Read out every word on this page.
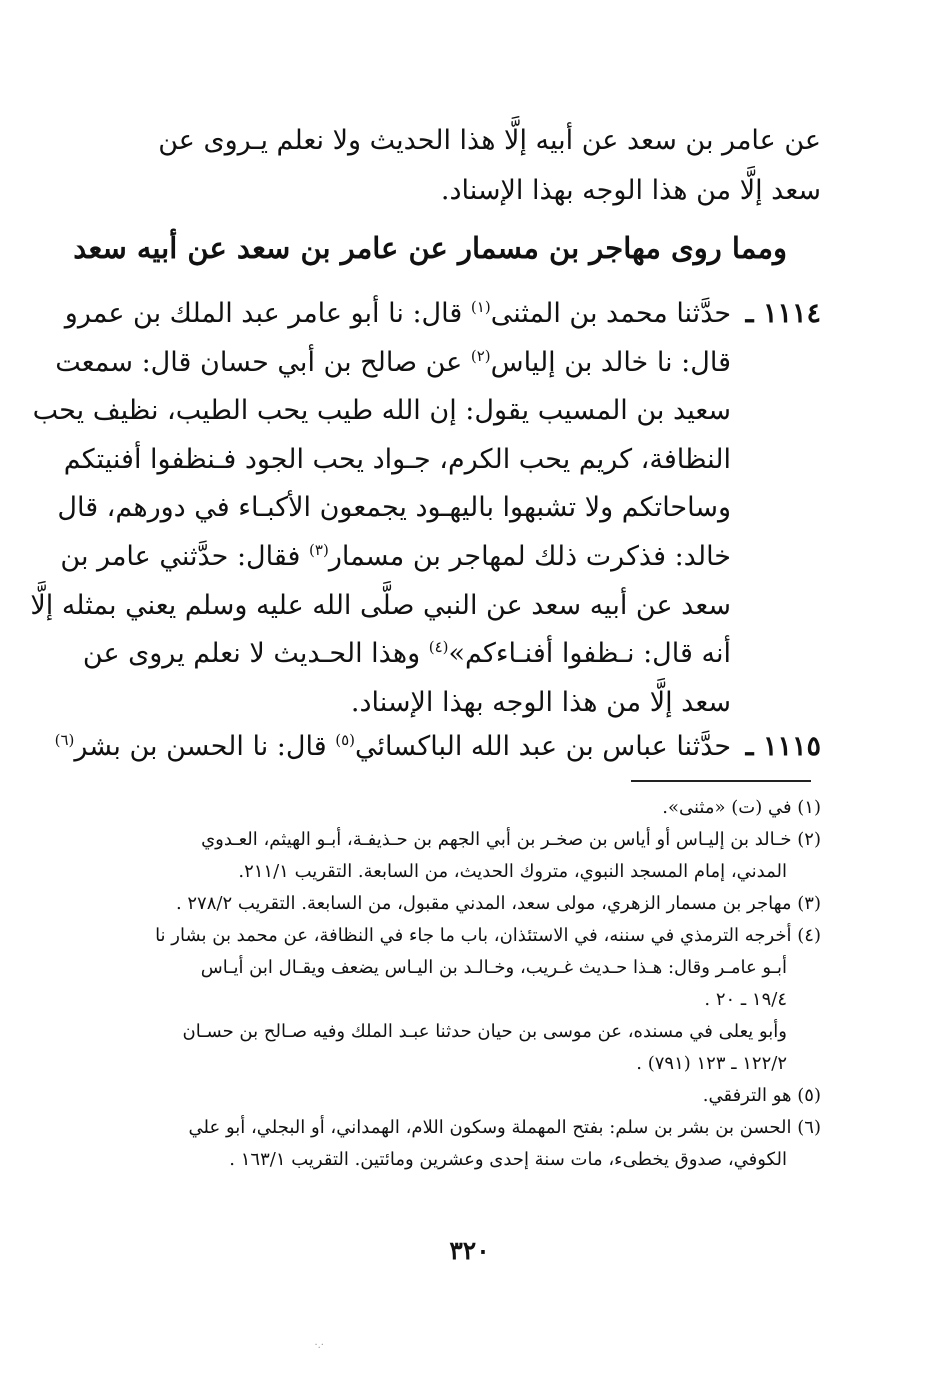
عن عامر بن سعد عن أبيه إلَّا هذا الحديث ولا نعلم يـروى عن
سعد إلَّا من هذا الوجه بهذا الإسناد.
ومما روى مهاجر بن مسمار عن عامر بن سعد عن أبيه سعد
١١١٤ ـ حدَّثنا محمد بن المثنى$^{(١)}$ قال: نا أبو عامر عبد الملك بن عمرو
قال: نا خالد بن إلياس$^{(٢)}$ عن صالح بن أبي حسان قال: سمعت
سعيد بن المسيب يقول: إن الله طيب يحب الطيب، نظيف يحب
النظافة، كريم يحب الكرم، جـواد يحب الجود فـنظفوا أفنيتكم
وساحاتكم ولا تشبهوا باليهـود يجمعون الأكبـاء في دورهم، قال
خالد: فذكرت ذلك لمهاجر بن مسمار$^{(٣)}$ فقال: حدَّثني عامر بن
سعد عن أبيه سعد عن النبي صلَّى الله عليه وسلم يعني بمثله إلَّا
أنه قال: نـظفوا أفنـاءكم»$^{(٤)}$ وهذا الحـديث لا نعلم يروى عن
سعد إلَّا من هذا الوجه بهذا الإسناد.
١١١٥ ـ حدَّثنا عباس بن عبد الله الباكسائي$^{(٥)}$ قال: نا الحسن بن بشر$^{(٦)}$
(١) في (ت) «مثنى».
(٢) خـالد بن إليـاس أو أياس بن صخـر بن أبي الجهم بن حـذيفـة، أبـو الهيثم، العـدوي
المدني، إمام المسجد النبوي، متروك الحديث، من السابعة. التقريب ٢١١/١.
(٣) مهاجر بن مسمار الزهري، مولى سعد، المدني مقبول، من السابعة. التقريب ٢٧٨/٢ .
(٤) أخرجه الترمذي في سننه، في الاستئذان، باب ما جاء في النظافة، عن محمد بن بشار نا
أبـو عامـر وقال: هـذا حـديث غـريب، وخـالـد بن اليـاس يضعف ويقـال ابن أيـاس
١٩/٤ ـ ٢٠ .
وأبو يعلى في مسنده، عن موسى بن حيان حدثنا عبـد الملك وفيه صـالح بن حسـان
١٢٢/٢ ـ ١٢٣ (٧٩١) .
(٥) هو الترفقي.
(٦) الحسن بن بشر بن سلم: بفتح المهملة وسكون اللام، الهمداني، أو البجلي، أبو علي
الكوفي، صدوق يخطىء، مات سنة إحدى وعشرين ومائتين. التقريب ١٦٣/١ .
٣٢٠
·.·
